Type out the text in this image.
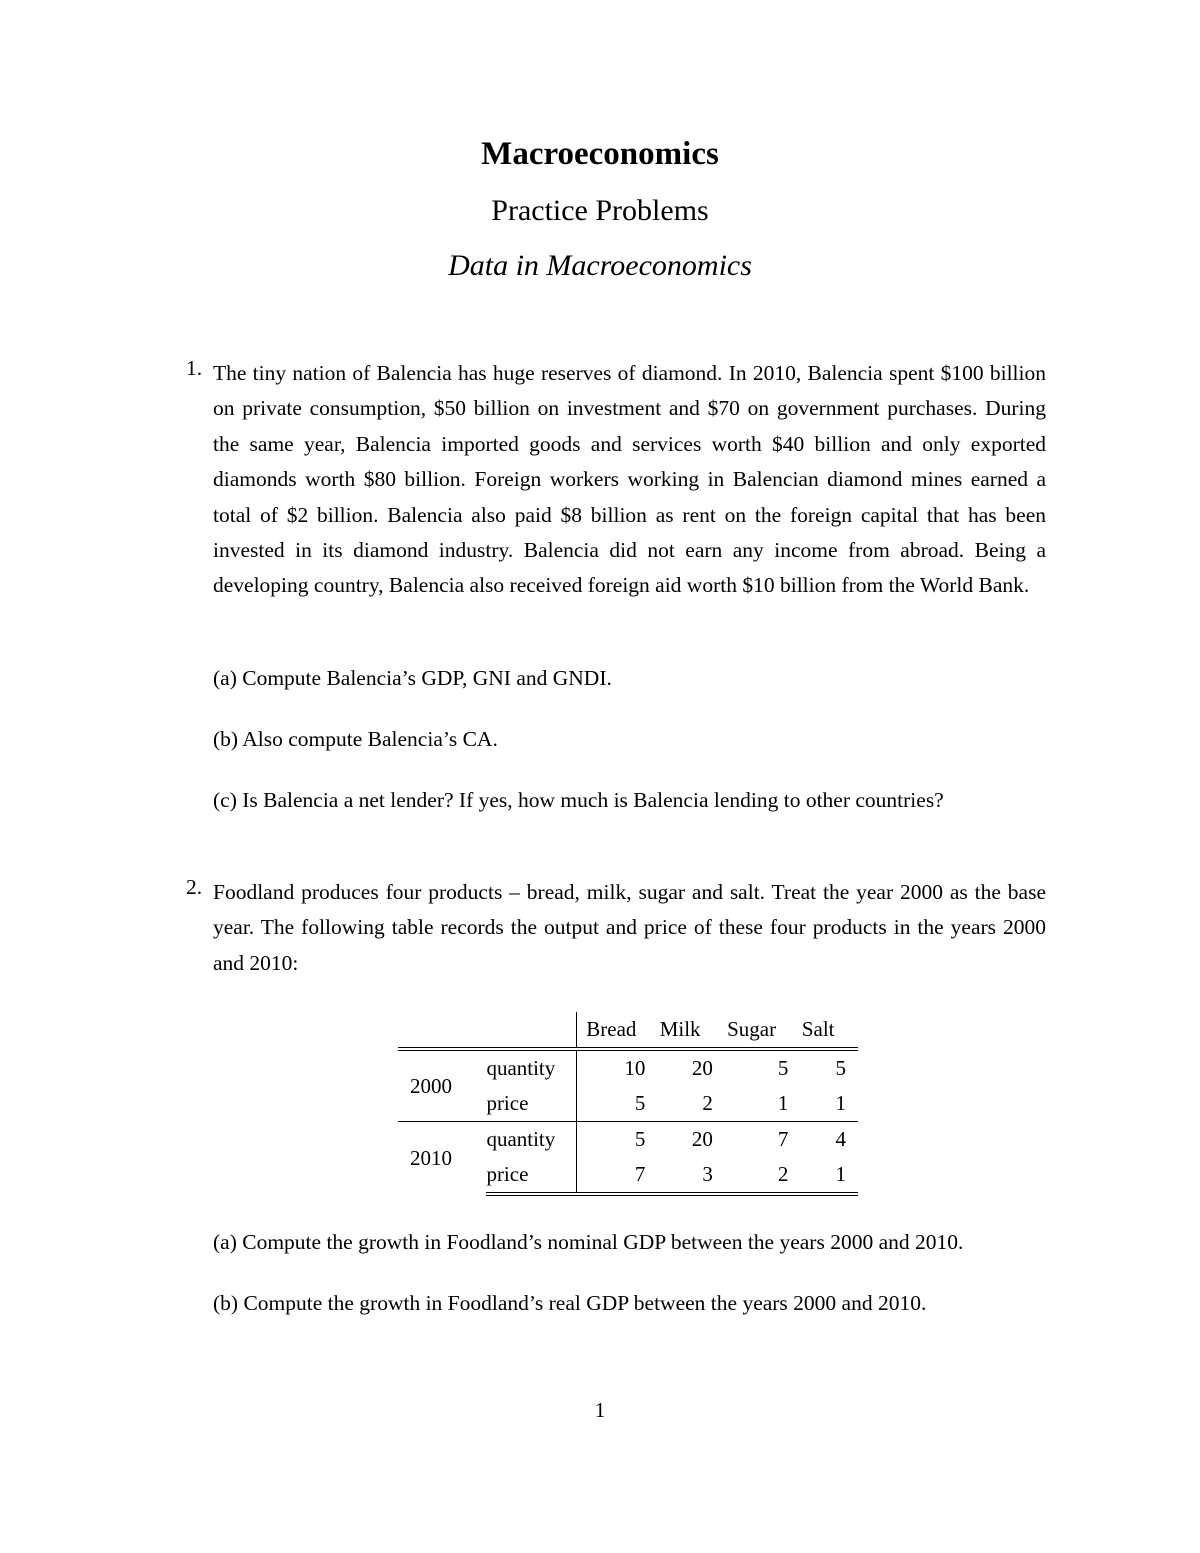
Macroeconomics
Practice Problems
Data in Macroeconomics
1. The tiny nation of Balencia has huge reserves of diamond. In 2010, Balencia spent $100 billion on private consumption, $50 billion on investment and $70 on government purchases. During the same year, Balencia imported goods and services worth $40 billion and only exported diamonds worth $80 billion. Foreign workers working in Balencian diamond mines earned a total of $2 billion. Balencia also paid $8 billion as rent on the foreign capital that has been invested in its diamond industry. Balencia did not earn any income from abroad. Being a developing country, Balencia also received foreign aid worth $10 billion from the World Bank.
(a) Compute Balencia’s GDP, GNI and GNDI.
(b) Also compute Balencia’s CA.
(c) Is Balencia a net lender? If yes, how much is Balencia lending to other countries?
2. Foodland produces four products – bread, milk, sugar and salt. Treat the year 2000 as the base year. The following table records the output and price of these four products in the years 2000 and 2010:
		Bread	Milk	Sugar	Salt
2000	quantity	10	20	5	5
	price	5	2	1	1
2010	quantity	5	20	7	4
	price	7	3	2	1
(a) Compute the growth in Foodland’s nominal GDP between the years 2000 and 2010.
(b) Compute the growth in Foodland’s real GDP between the years 2000 and 2010.
1
